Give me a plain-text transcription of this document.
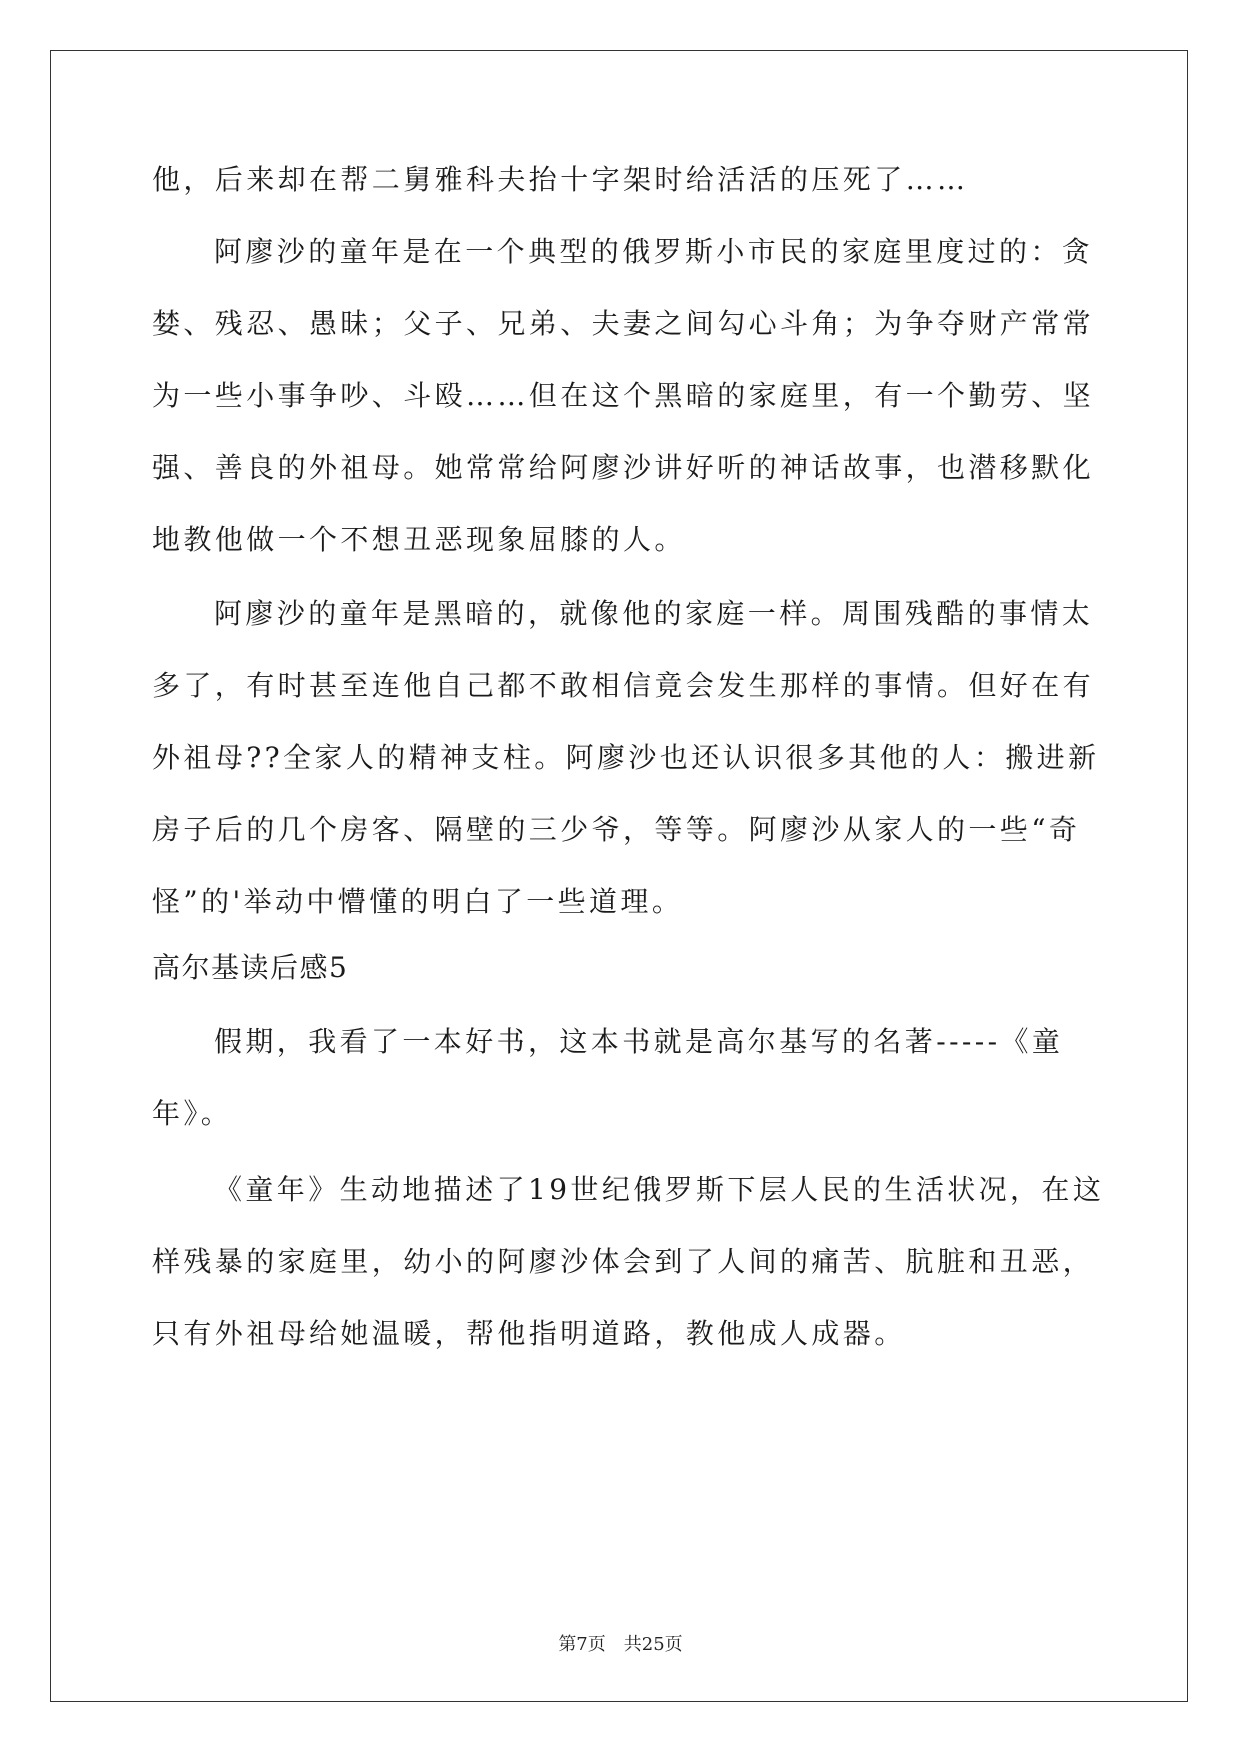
他，后来却在帮二舅雅科夫抬十字架时给活活的压死了……
阿廖沙的童年是在一个典型的俄罗斯小市民的家庭里度过的：贪
婪、残忍、愚昧；父子、兄弟、夫妻之间勾心斗角；为争夺财产常常
为一些小事争吵、斗殴……但在这个黑暗的家庭里，有一个勤劳、坚
强、善良的外祖母。她常常给阿廖沙讲好听的神话故事，也潜移默化
地教他做一个不想丑恶现象屈膝的人。
阿廖沙的童年是黑暗的，就像他的家庭一样。周围残酷的事情太
多了，有时甚至连他自己都不敢相信竟会发生那样的事情。但好在有
外祖母??全家人的精神支柱。阿廖沙也还认识很多其他的人：搬进新
房子后的几个房客、隔壁的三少爷，等等。阿廖沙从家人的一些“奇
怪”的'举动中懵懂的明白了一些道理。
高尔基读后感5
假期，我看了一本好书，这本书就是高尔基写的名著-----《童
年》。
《童年》生动地描述了19世纪俄罗斯下层人民的生活状况，在这
样残暴的家庭里，幼小的阿廖沙体会到了人间的痛苦、肮脏和丑恶，
只有外祖母给她温暖，帮他指明道路，教他成人成器。
第7页　共25页
